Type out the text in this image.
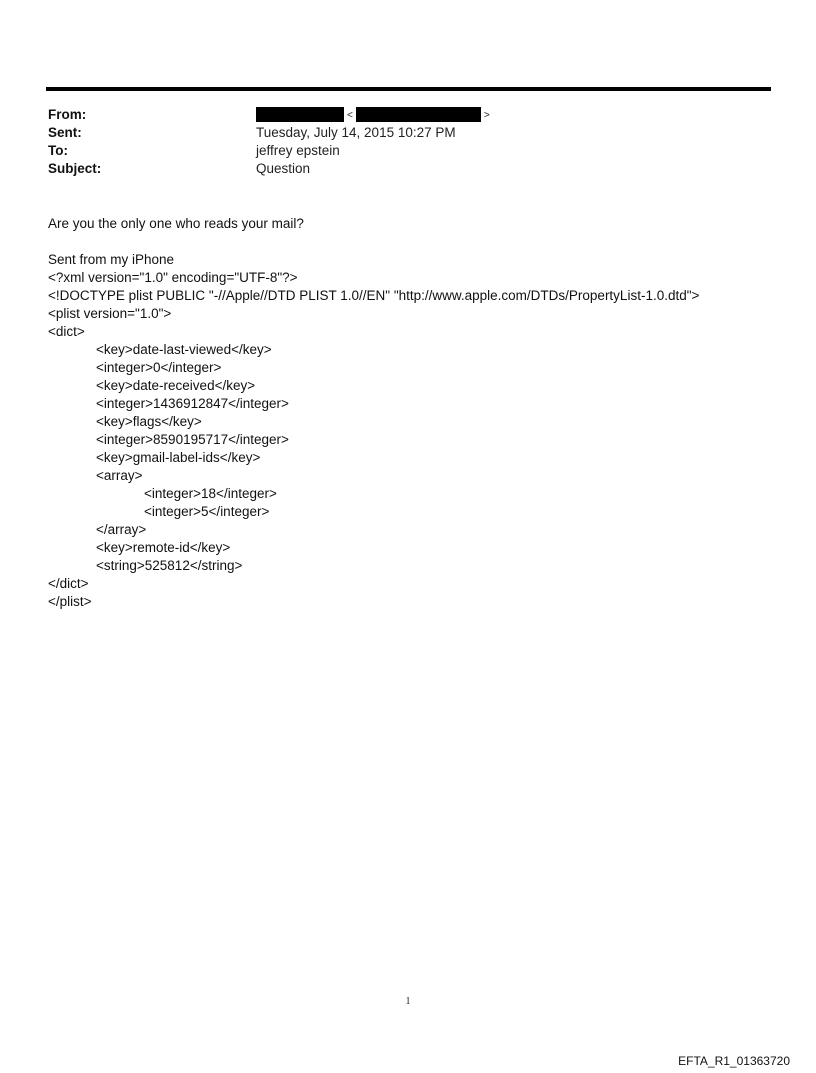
From:	<	>
Sent:	Tuesday, July 14, 2015 10:27 PM
To:	jeffrey epstein
Subject:	Question
Are you the only one who reads your mail?
Sent from my iPhone
<?xml version="1.0" encoding="UTF-8"?>
<!DOCTYPE plist PUBLIC "-//Apple//DTD PLIST 1.0//EN" "http://www.apple.com/DTDs/PropertyList-1.0.dtd">
<plist version="1.0">
<dict>
<key>date-last-viewed</key>
<integer>0</integer>
<key>date-received</key>
<integer>1436912847</integer>
<key>flags</key>
<integer>8590195717</integer>
<key>gmail-label-ids</key>
<array>
<integer>18</integer>
<integer>5</integer>
</array>
<key>remote-id</key>
<string>525812</string>
</dict>
</plist>
1
EFTA_R1_01363720
